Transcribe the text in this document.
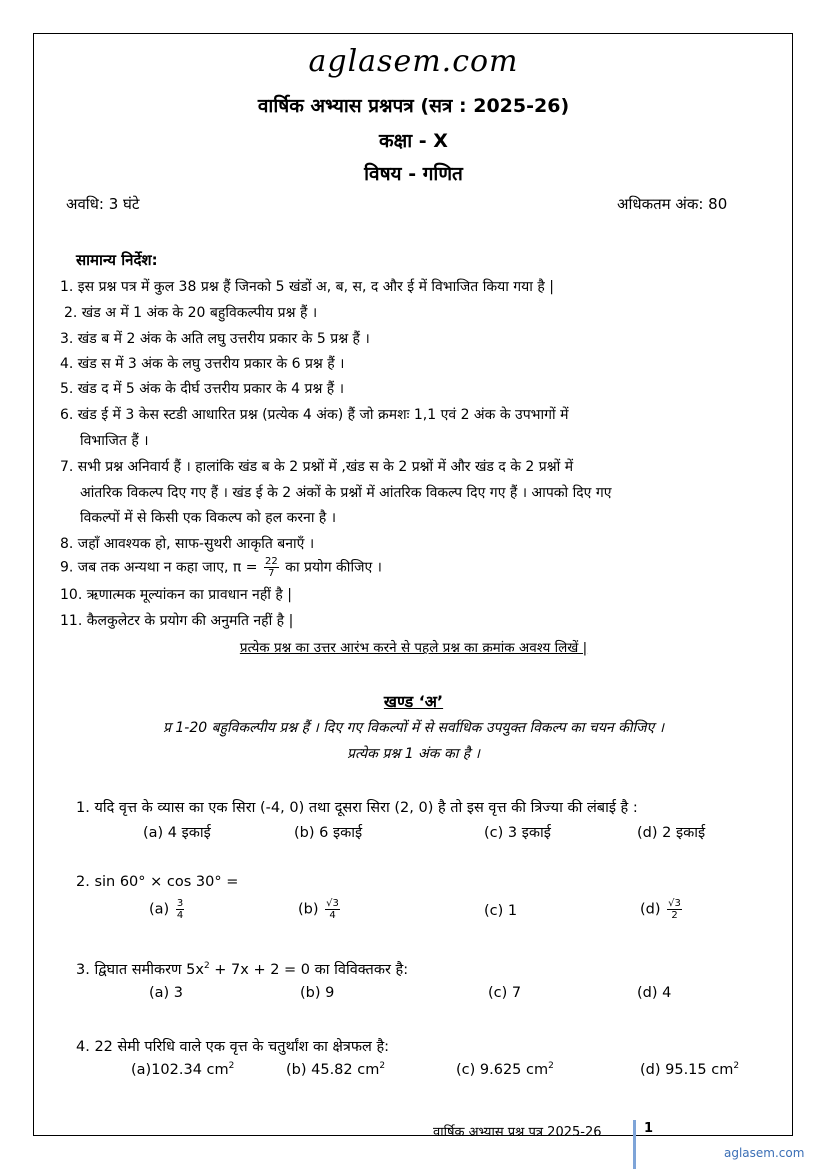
aglasem.com
वार्षिक अभ्यास प्रश्नपत्र (सत्र : 2025-26)
कक्षा - X
विषय - गणित
अवधि: 3 घंटे	अधिकतम अंक: 80
सामान्य निर्देश:
1. इस प्रश्न पत्र में कुल 38 प्रश्न हैं जिनको 5 खंडों अ, ब, स, द और ई में विभाजित किया गया है |
2. खंड अ में 1 अंक के 20 बहुविकल्पीय प्रश्न हैं ।
3. खंड ब में 2 अंक के अति लघु उत्तरीय प्रकार के 5 प्रश्न हैं ।
4. खंड स में 3 अंक के लघु उत्तरीय प्रकार के 6 प्रश्न हैं ।
5. खंड द में 5 अंक के दीर्घ उत्तरीय प्रकार के 4 प्रश्न हैं ।
6. खंड ई में 3 केस स्टडी आधारित प्रश्न (प्रत्येक 4 अंक) हैं जो क्रमशः 1,1 एवं 2 अंक के उपभागों में
विभाजित हैं ।
7. सभी प्रश्न अनिवार्य हैं । हालांकि खंड ब के 2 प्रश्नों में ,खंड स के 2 प्रश्नों में और खंड द के 2 प्रश्नों में
आंतरिक विकल्प दिए गए हैं । खंड ई के 2 अंकों के प्रश्नों में आंतरिक विकल्प दिए गए हैं । आपको दिए गए
विकल्पों में से किसी एक विकल्प को हल करना है ।
8. जहाँ आवश्यक हो, साफ-सुथरी आकृति बनाएँ ।
9. जब तक अन्यथा न कहा जाए, $\pi = \frac{22}{7}$ का प्रयोग कीजिए ।
10. ऋणात्मक मूल्यांकन का प्रावधान नहीं है |
11. कैलकुलेटर के प्रयोग की अनुमति नहीं है |
प्रत्येक प्रश्न का उत्तर आरंभ करने से पहले प्रश्न का क्रमांक अवश्य लिखें |
खण्ड ‘अ’
प्र 1-20 बहुविकल्पीय प्रश्न हैं । दिए गए विकल्पों में से सर्वाधिक उपयुक्त विकल्प का चयन कीजिए ।
प्रत्येक प्रश्न 1 अंक का है ।
1. यदि वृत्त के व्यास का एक सिरा (-4, 0) तथा दूसरा सिरा (2, 0) है तो इस वृत्त की त्रिज्या की लंबाई है :
(a) 4 इकाई	(b) 6 इकाई	(c) 3 इकाई	(d) 2 इकाई
2. sin 60° × cos 30° =
$(a) \frac{3}{4}$	$(b) \frac{√3}{4}$	(c) 1	$(d) \frac{√3}{2}$
3. द्विघात समीकरण $5x^2 + 7x + 2 = 0$ का विविक्तकर है:
(a) 3	(b) 9	(c) 7	(d) 4
4. 22 सेमी परिधि वाले एक वृत्त के चतुर्थांश का क्षेत्रफल है:
(a)102.34 $cm^2$	(b) 45.82 $cm^2$	(c) 9.625 $cm^2$	(d) 95.15 $cm^2$
वार्षिक अभ्यास प्रश्न पत्र 2025-26	1
aglasem.com
